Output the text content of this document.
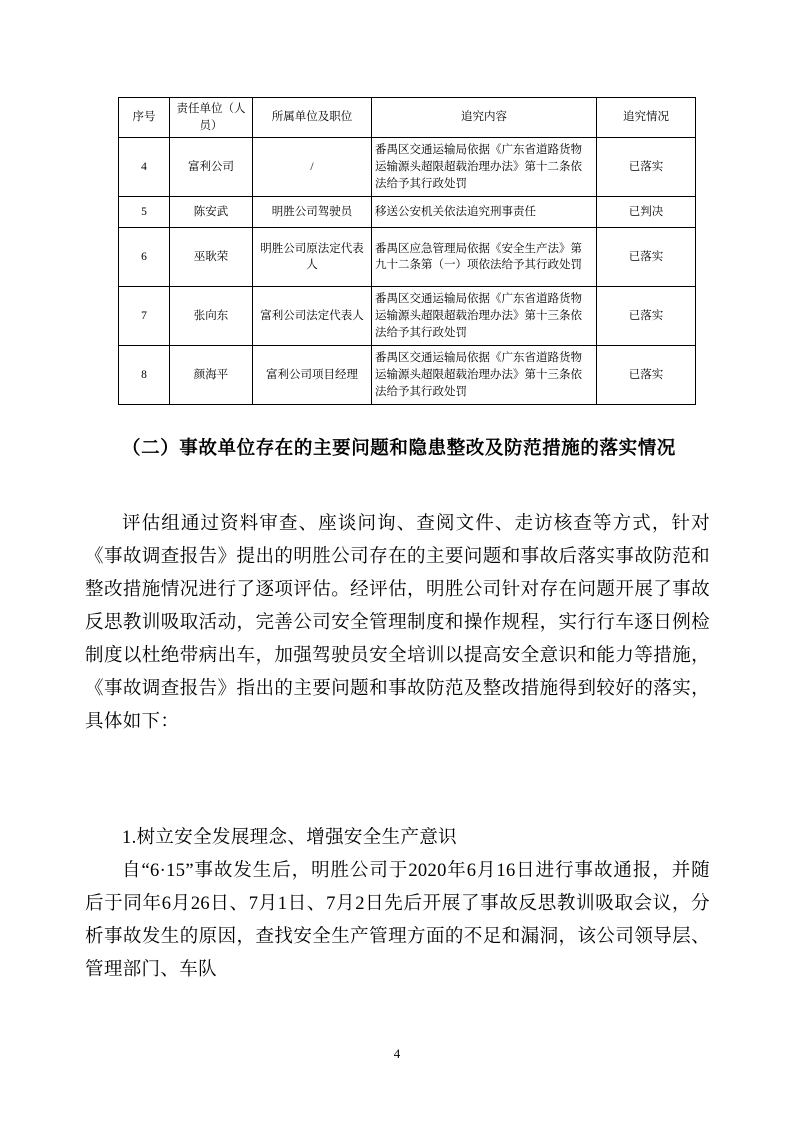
序号	责任单位（人员）	所属单位及职位	追究内容	追究情况
4	富利公司	/	番禺区交通运输局依据《广东省道路货物运输源头超限超载治理办法》第十二条依法给予其行政处罚	已落实
5	陈安武	明胜公司驾驶员	移送公安机关依法追究刑事责任	已判决
6	巫耿荣	明胜公司原法定代表人	番禺区应急管理局依据《安全生产法》第九十二条第（一）项依法给予其行政处罚	已落实
7	张向东	富利公司法定代表人	番禺区交通运输局依据《广东省道路货物运输源头超限超载治理办法》第十三条依法给予其行政处罚	已落实
8	颜海平	富利公司项目经理	番禺区交通运输局依据《广东省道路货物运输源头超限超载治理办法》第十三条依法给予其行政处罚	已落实

（二）事故单位存在的主要问题和隐患整改及防范措施的落实情况

评估组通过资料审查、座谈问询、查阅文件、走访核查等方式，针对《事故调查报告》提出的明胜公司存在的主要问题和事故后落实事故防范和整改措施情况进行了逐项评估。经评估，明胜公司针对存在问题开展了事故反思教训吸取活动，完善公司安全管理制度和操作规程，实行行车逐日例检制度以杜绝带病出车，加强驾驶员安全培训以提高安全意识和能力等措施，《事故调查报告》指出的主要问题和事故防范及整改措施得到较好的落实，具体如下：

1.树立安全发展理念、增强安全生产意识

自“6·15”事故发生后，明胜公司于2020年6月16日进行事故通报，并随后于同年6月26日、7月1日、7月2日先后开展了事故反思教训吸取会议，分析事故发生的原因，查找安全生产管理方面的不足和漏洞，该公司领导层、管理部门、车队

4
